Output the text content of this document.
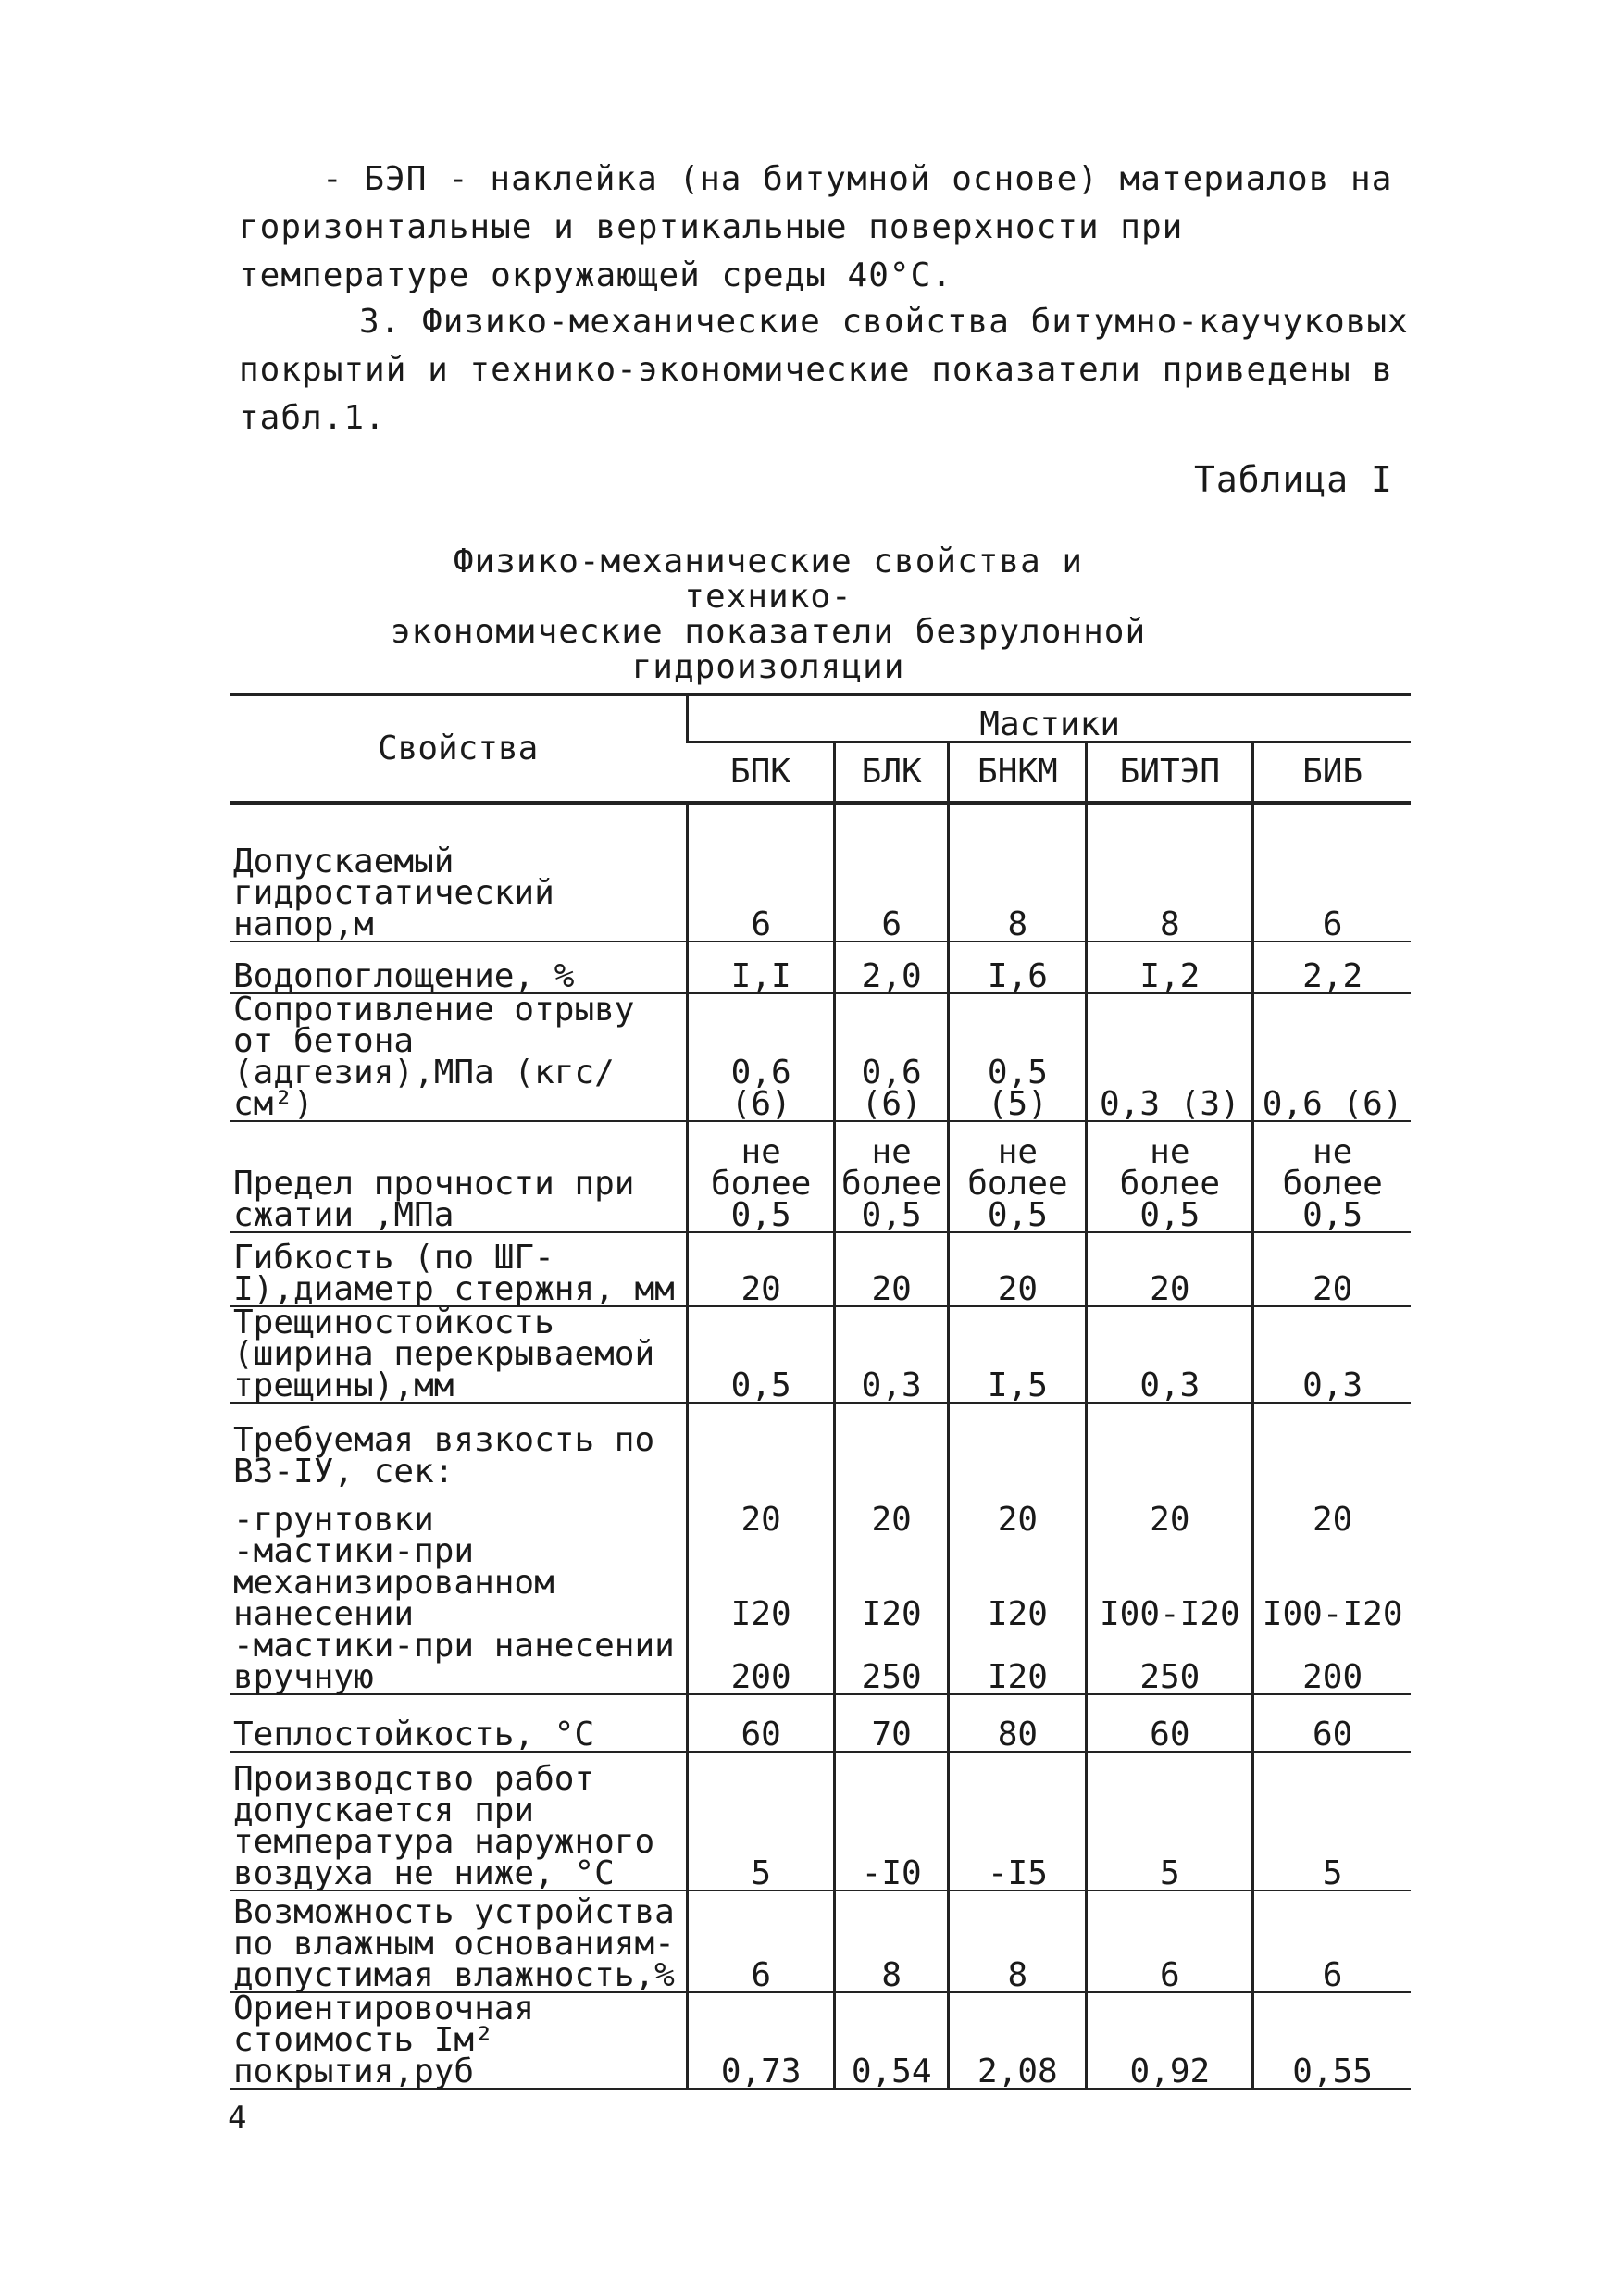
- БЭП - наклейка (на битумной основе) материалов на горизонтальные и вертикальные поверхности при температуре окружающей среды 40°С.

3. Физико-механические свойства битумно-каучуковых покрытий и технико-экономические показатели приведены в табл.1.

Таблица I
Физико-механические свойства и технико-
экономические показатели безрулонной
гидроизоляции
Свойства	Мастики				
	БПК	БЛК	БНКМ	БИТЭП	БИБ
Допускаемый гидростатический напор,м	6	6	8	8	6
Водопоглощение, %	I,I	2,0	I,6	I,2	2,2
Сопротивление отрыву от бетона (адгезия),МПа (кгс/см²)	0,6 (6)	0,6 (6)	0,5 (5)	0,3 (3)	0,6 (6)
Предел прочности при сжатии ,МПа	не более 0,5	не более 0,5	не более 0,5	не более 0,5	не более 0,5
Гибкость (по ШГ-I),диаметр стержня, мм	20	20	20	20	20
Трещиностойкость (ширина перекрываемой трещины),мм	0,5	0,3	I,5	0,3	0,3
Требуемая вязкость по ВЗ-IУ, сек:					
-грунтовки	20	20	20	20	20
-мастики-при механизированном нанесении	I20	I20	I20	I00-I20	I00-I20
-мастики-при нанесении вручную	200	250	I20	250	200
Теплостойкость, °С	60	70	80	60	60
Производство работ допускается при температура наружного воздуха не ниже, °С	5	-I0	-I5	5	5
Возможность устройства по влажным основаниям-допустимая влажность,%	6	8	8	6	6
Ориентировочная стоимость Iм² покрытия,руб	0,73	0,54	2,08	0,92	0,55
4
